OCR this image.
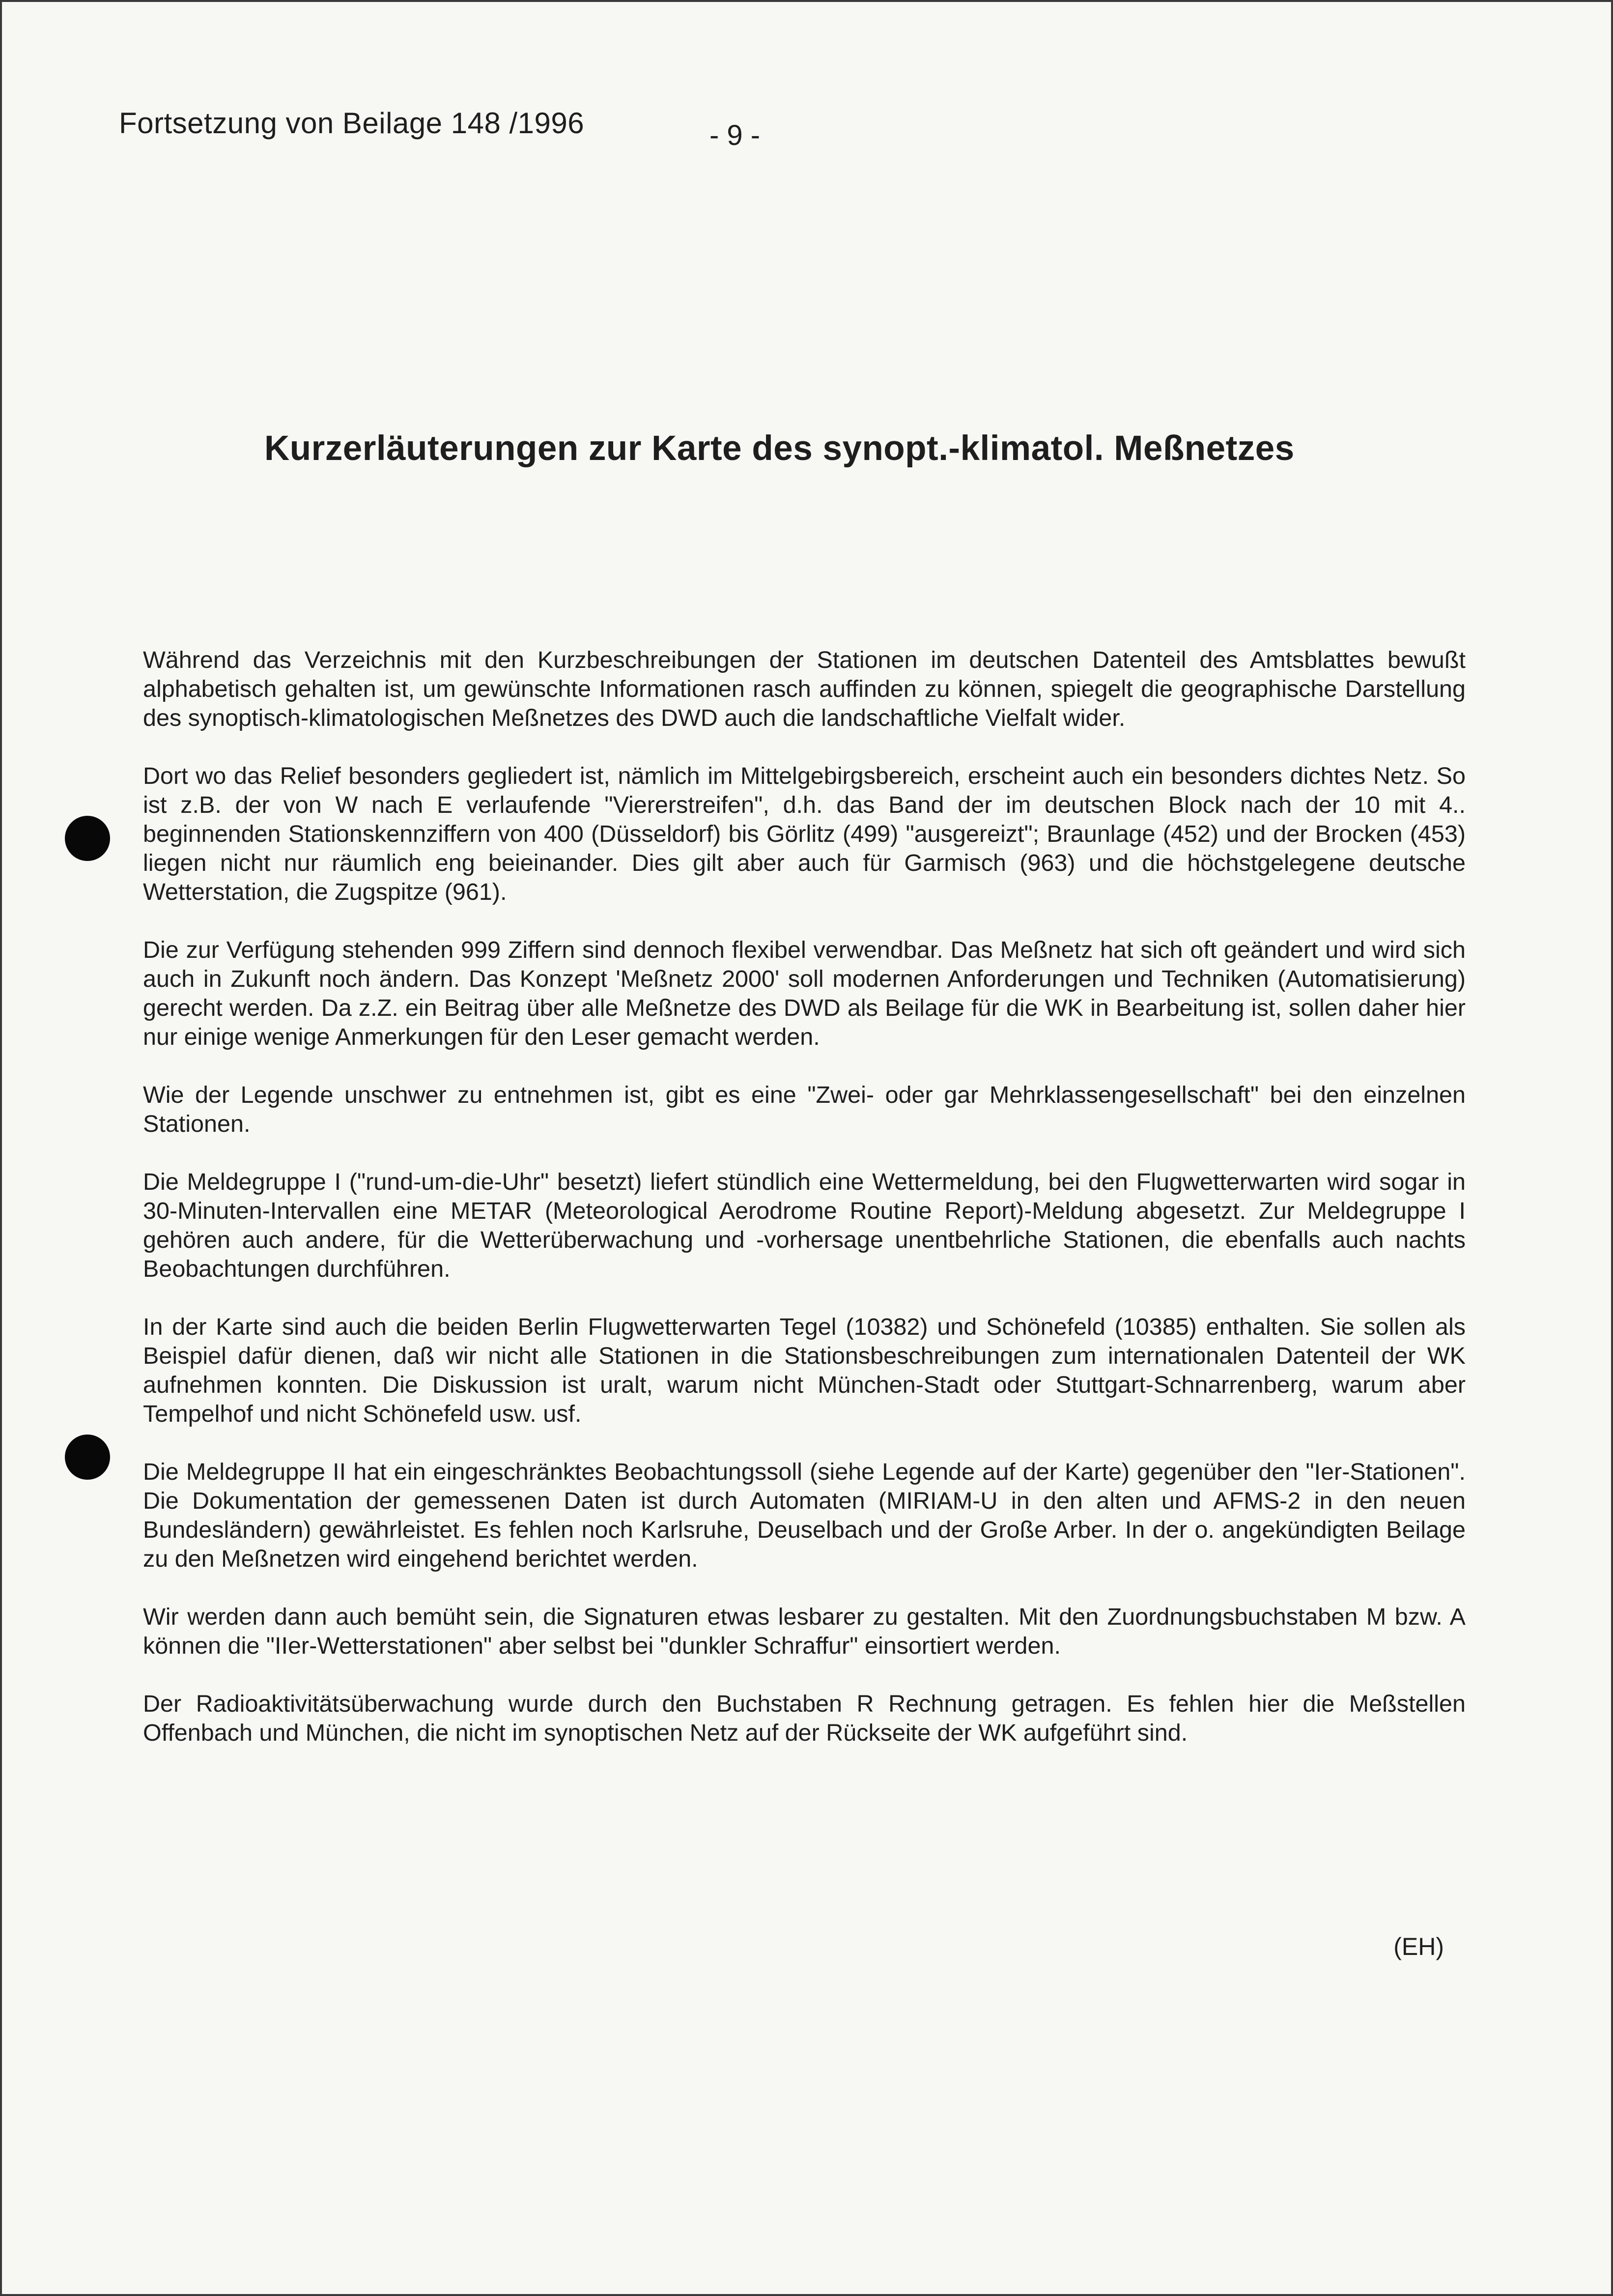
Fortsetzung von Beilage 148 /1996	- 9 -
Kurzerläuterungen zur Karte des synopt.-klimatol. Meßnetzes

Während das Verzeichnis mit den Kurzbeschreibungen der Stationen im deutschen Datenteil des Amtsblattes bewußt alphabetisch gehalten ist, um gewünschte Informationen rasch auffinden zu können, spiegelt die geographische Darstellung des synoptisch-klimatologischen Meßnetzes des DWD auch die landschaftliche Vielfalt wider.

Dort wo das Relief besonders gegliedert ist, nämlich im Mittelgebirgsbereich, erscheint auch ein besonders dichtes Netz. So ist z.B. der von W nach E verlaufende "Viererstreifen", d.h. das Band der im deutschen Block nach der 10 mit 4.. beginnenden Stationskennziffern von 400 (Düsseldorf) bis Görlitz (499) "ausgereizt"; Braunlage (452) und der Brocken (453) liegen nicht nur räumlich eng beieinander. Dies gilt aber auch für Garmisch (963) und die höchstgelegene deutsche Wetterstation, die Zugspitze (961).

Die zur Verfügung stehenden 999 Ziffern sind dennoch flexibel verwendbar. Das Meßnetz hat sich oft geändert und wird sich auch in Zukunft noch ändern. Das Konzept 'Meßnetz 2000' soll modernen Anforderungen und Techniken (Automatisierung) gerecht werden. Da z.Z. ein Beitrag über alle Meßnetze des DWD als Beilage für die WK in Bearbeitung ist, sollen daher hier nur einige wenige Anmerkungen für den Leser gemacht werden.

Wie der Legende unschwer zu entnehmen ist, gibt es eine "Zwei- oder gar Mehrklassengesellschaft" bei den einzelnen Stationen.

Die Meldegruppe I ("rund-um-die-Uhr" besetzt) liefert stündlich eine Wettermeldung, bei den Flugwetterwarten wird sogar in 30-Minuten-Intervallen eine METAR (Meteorological Aerodrome Routine Report)-Meldung abgesetzt. Zur Meldegruppe I gehören auch andere, für die Wetterüberwachung und -vorhersage unentbehrliche Stationen, die ebenfalls auch nachts Beobachtungen durchführen.

In der Karte sind auch die beiden Berlin Flugwetterwarten Tegel (10382) und Schönefeld (10385) enthalten. Sie sollen als Beispiel dafür dienen, daß wir nicht alle Stationen in die Stationsbeschreibungen zum internationalen Datenteil der WK aufnehmen konnten. Die Diskussion ist uralt, warum nicht München-Stadt oder Stuttgart-Schnarrenberg, warum aber Tempelhof und nicht Schönefeld usw. usf.

Die Meldegruppe II hat ein eingeschränktes Beobachtungssoll (siehe Legende auf der Karte) gegenüber den "Ier-Stationen". Die Dokumentation der gemessenen Daten ist durch Automaten (MIRIAM-U in den alten und AFMS-2 in den neuen Bundesländern) gewährleistet. Es fehlen noch Karlsruhe, Deuselbach und der Große Arber. In der o. angekündigten Beilage zu den Meßnetzen wird eingehend berichtet werden.

Wir werden dann auch bemüht sein, die Signaturen etwas lesbarer zu gestalten. Mit den Zuordnungsbuchstaben M bzw. A können die "IIer-Wetterstationen" aber selbst bei "dunkler Schraffur" einsortiert werden.

Der Radioaktivitätsüberwachung wurde durch den Buchstaben R Rechnung getragen. Es fehlen hier die Meßstellen Offenbach und München, die nicht im synoptischen Netz auf der Rückseite der WK aufgeführt sind.

(EH)
